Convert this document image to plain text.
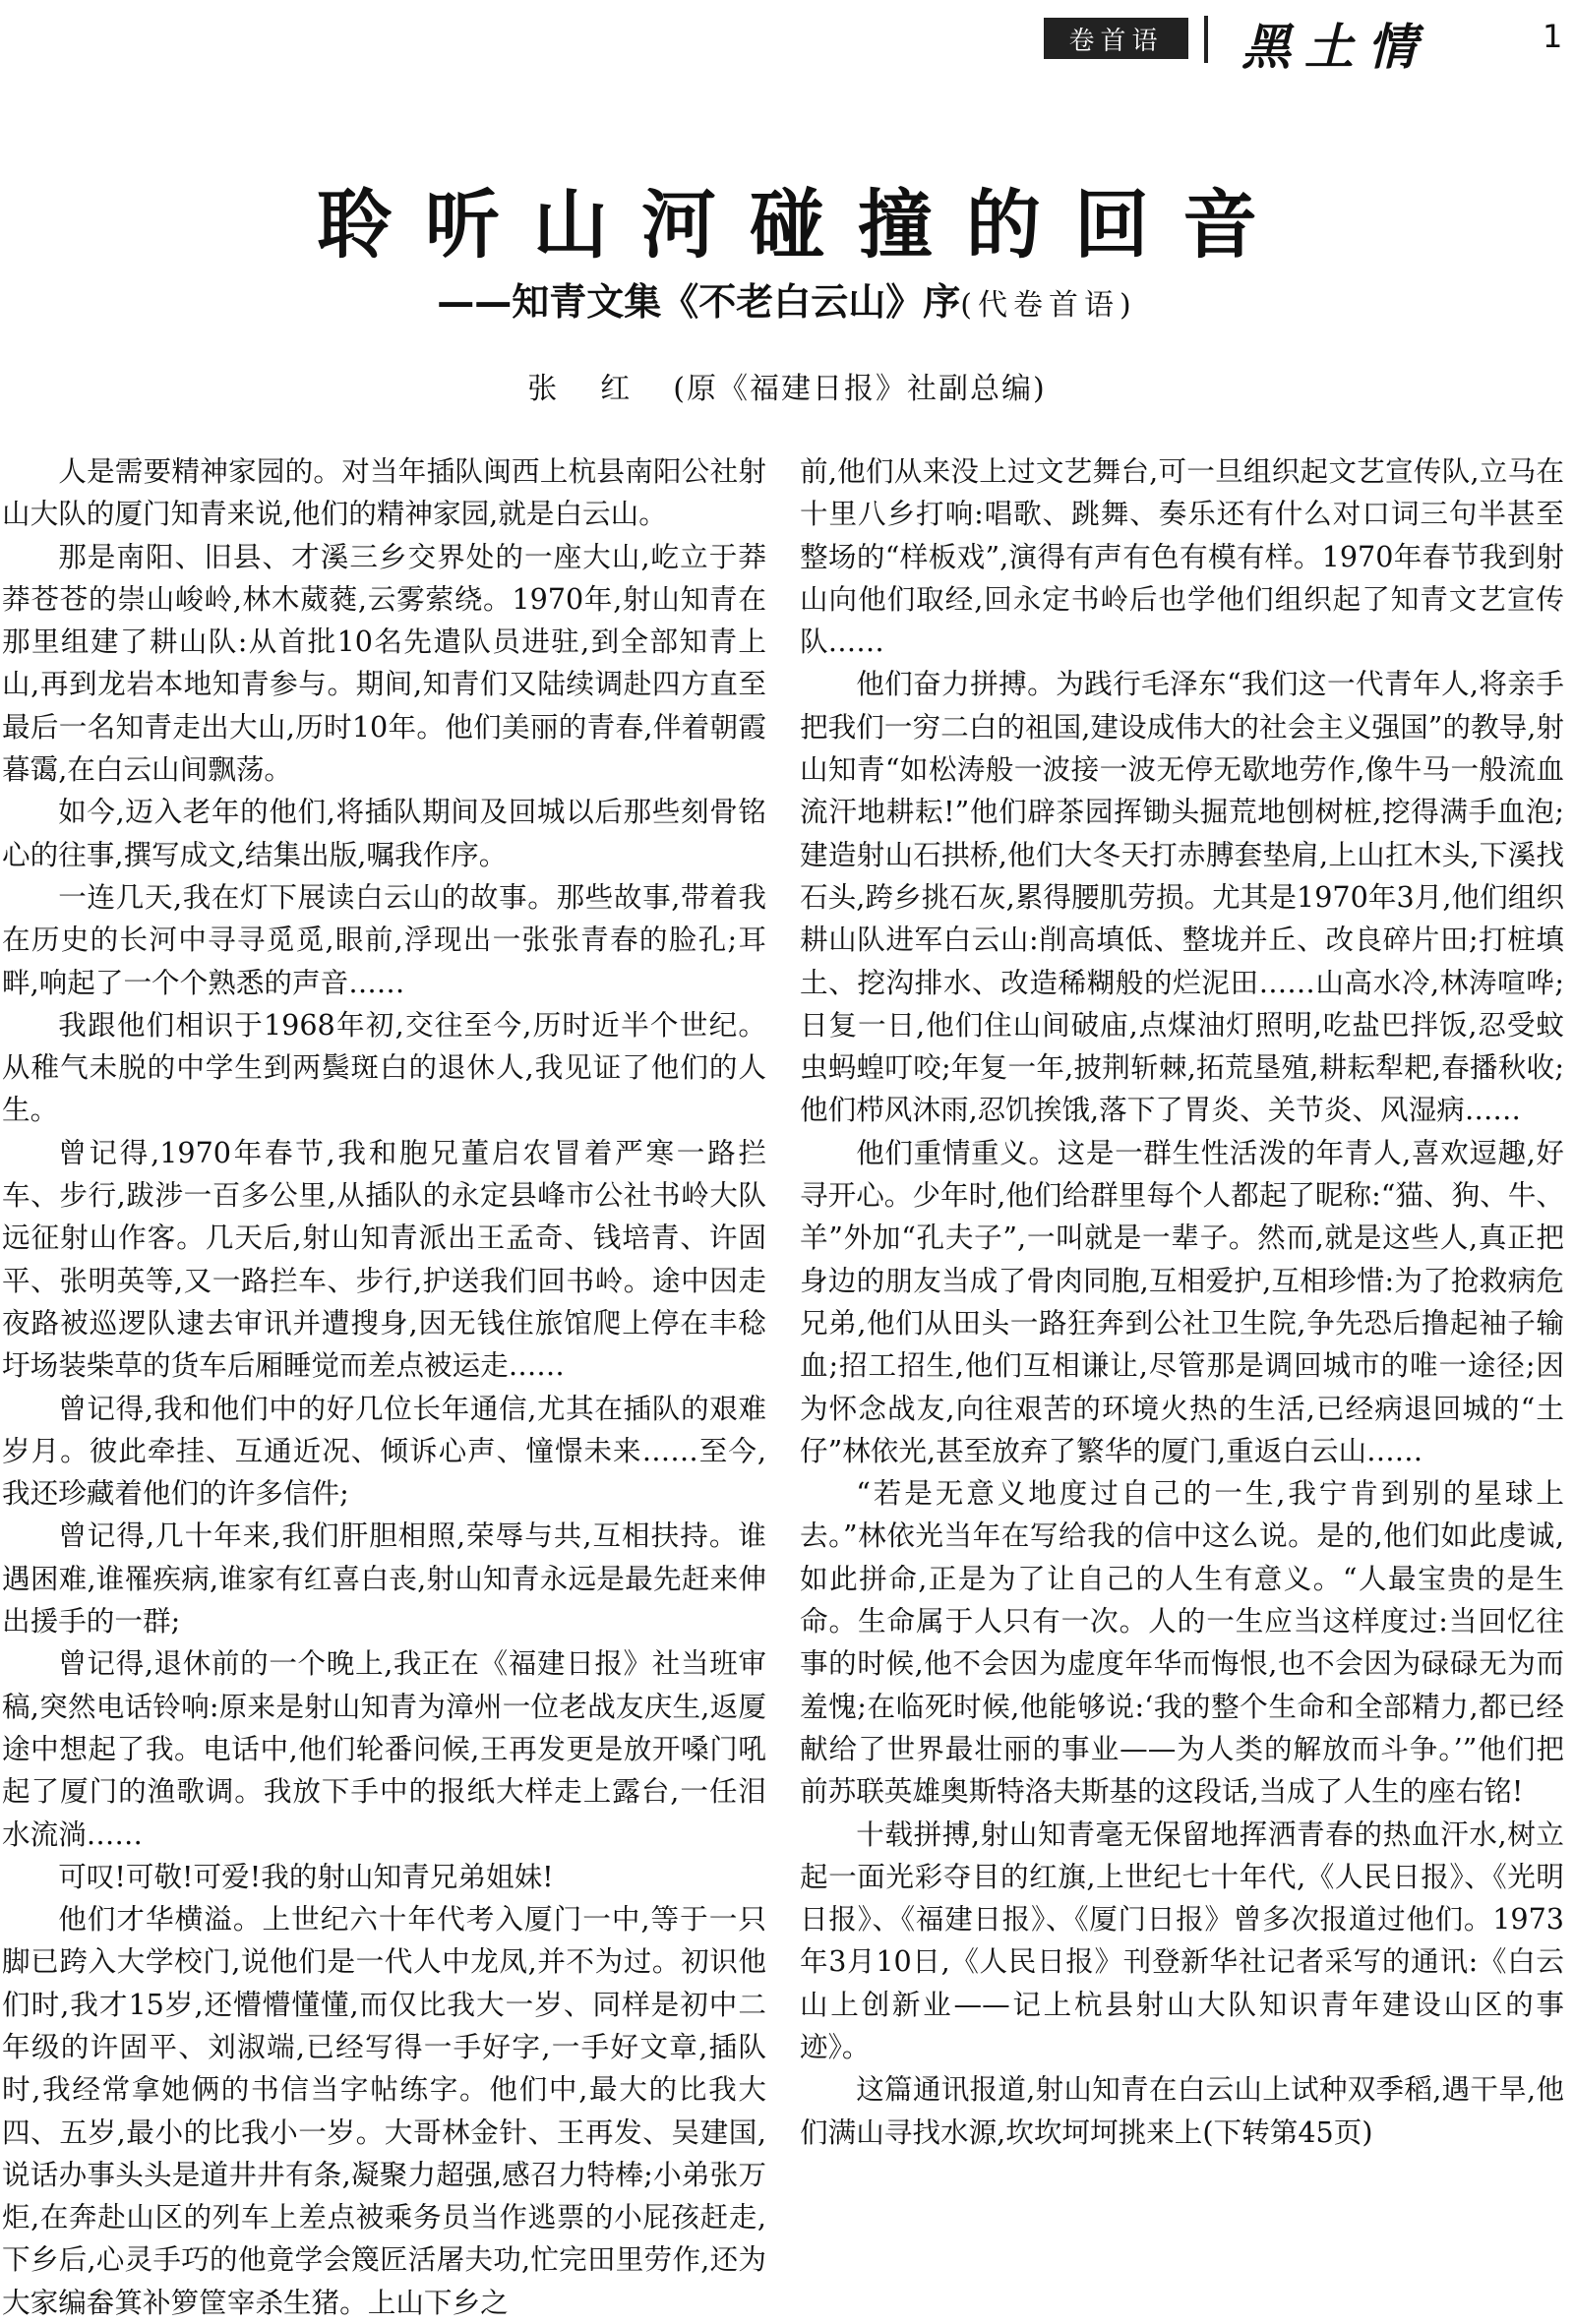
卷首语	黑土情	1
聆听山河碰撞的回音
——知青文集《不老白云山》序(代卷首语)
张红(原《福建日报》社副总编)

人是需要精神家园的。对当年插队闽西上杭县南阳公社射山大队的厦门知青来说,他们的精神家园,就是白云山。

那是南阳、旧县、才溪三乡交界处的一座大山,屹立于莽莽苍苍的崇山峻岭,林木葳蕤,云雾萦绕。1970年,射山知青在那里组建了耕山队:从首批10名先遣队员进驻,到全部知青上山,再到龙岩本地知青参与。期间,知青们又陆续调赴四方直至最后一名知青走出大山,历时10年。他们美丽的青春,伴着朝霞暮霭,在白云山间飘荡。

如今,迈入老年的他们,将插队期间及回城以后那些刻骨铭心的往事,撰写成文,结集出版,嘱我作序。

一连几天,我在灯下展读白云山的故事。那些故事,带着我在历史的长河中寻寻觅觅,眼前,浮现出一张张青春的脸孔;耳畔,响起了一个个熟悉的声音……

我跟他们相识于1968年初,交往至今,历时近半个世纪。从稚气未脱的中学生到两鬓斑白的退休人,我见证了他们的人生。

曾记得,1970年春节,我和胞兄董启农冒着严寒一路拦车、步行,跋涉一百多公里,从插队的永定县峰市公社书岭大队远征射山作客。几天后,射山知青派出王孟奇、钱培青、许固平、张明英等,又一路拦车、步行,护送我们回书岭。途中因走夜路被巡逻队逮去审讯并遭搜身,因无钱住旅馆爬上停在丰稔圩场装柴草的货车后厢睡觉而差点被运走……

曾记得,我和他们中的好几位长年通信,尤其在插队的艰难岁月。彼此牵挂、互通近况、倾诉心声、憧憬未来……至今,我还珍藏着他们的许多信件;

曾记得,几十年来,我们肝胆相照,荣辱与共,互相扶持。谁遇困难,谁罹疾病,谁家有红喜白丧,射山知青永远是最先赶来伸出援手的一群;

曾记得,退休前的一个晚上,我正在《福建日报》社当班审稿,突然电话铃响:原来是射山知青为漳州一位老战友庆生,返厦途中想起了我。电话中,他们轮番问候,王再发更是放开嗓门吼起了厦门的渔歌调。我放下手中的报纸大样走上露台,一任泪水流淌……

可叹!可敬!可爱!我的射山知青兄弟姐妹!

他们才华横溢。上世纪六十年代考入厦门一中,等于一只脚已跨入大学校门,说他们是一代人中龙凤,并不为过。初识他们时,我才15岁,还懵懵懂懂,而仅比我大一岁、同样是初中二年级的许固平、刘淑端,已经写得一手好字,一手好文章,插队时,我经常拿她俩的书信当字帖练字。他们中,最大的比我大四、五岁,最小的比我小一岁。大哥林金针、王再发、吴建国,说话办事头头是道井井有条,凝聚力超强,感召力特棒;小弟张万炬,在奔赴山区的列车上差点被乘务员当作逃票的小屁孩赶走,下乡后,心灵手巧的他竟学会篾匠活屠夫功,忙完田里劳作,还为大家编畚箕补箩筐宰杀生猪。上山下乡之

前,他们从来没上过文艺舞台,可一旦组织起文艺宣传队,立马在十里八乡打响:唱歌、跳舞、奏乐还有什么对口词三句半甚至整场的“样板戏”,演得有声有色有模有样。1970年春节我到射山向他们取经,回永定书岭后也学他们组织起了知青文艺宣传队……

他们奋力拼搏。为践行毛泽东“我们这一代青年人,将亲手把我们一穷二白的祖国,建设成伟大的社会主义强国”的教导,射山知青“如松涛般一波接一波无停无歇地劳作,像牛马一般流血流汗地耕耘!”他们辟茶园挥锄头掘荒地刨树桩,挖得满手血泡;建造射山石拱桥,他们大冬天打赤膊套垫肩,上山扛木头,下溪找石头,跨乡挑石灰,累得腰肌劳损。尤其是1970年3月,他们组织耕山队进军白云山:削高填低、整垅并丘、改良碎片田;打桩填土、挖沟排水、改造稀糊般的烂泥田……山高水冷,林涛喧哗;日复一日,他们住山间破庙,点煤油灯照明,吃盐巴拌饭,忍受蚊虫蚂蝗叮咬;年复一年,披荆斩棘,拓荒垦殖,耕耘犁耙,春播秋收;他们栉风沐雨,忍饥挨饿,落下了胃炎、关节炎、风湿病……

他们重情重义。这是一群生性活泼的年青人,喜欢逗趣,好寻开心。少年时,他们给群里每个人都起了昵称:“猫、狗、牛、羊”外加“孔夫子”,一叫就是一辈子。然而,就是这些人,真正把身边的朋友当成了骨肉同胞,互相爱护,互相珍惜:为了抢救病危兄弟,他们从田头一路狂奔到公社卫生院,争先恐后撸起袖子输血;招工招生,他们互相谦让,尽管那是调回城市的唯一途径;因为怀念战友,向往艰苦的环境火热的生活,已经病退回城的“土仔”林依光,甚至放弃了繁华的厦门,重返白云山……

“若是无意义地度过自己的一生,我宁肯到别的星球上去。”林依光当年在写给我的信中这么说。是的,他们如此虔诚,如此拼命,正是为了让自己的人生有意义。“人最宝贵的是生命。生命属于人只有一次。人的一生应当这样度过:当回忆往事的时候,他不会因为虚度年华而悔恨,也不会因为碌碌无为而羞愧;在临死时候,他能够说:‘我的整个生命和全部精力,都已经献给了世界最壮丽的事业——为人类的解放而斗争。’”他们把前苏联英雄奥斯特洛夫斯基的这段话,当成了人生的座右铭!

十载拼搏,射山知青毫无保留地挥洒青春的热血汗水,树立起一面光彩夺目的红旗,上世纪七十年代,《人民日报》、《光明日报》、《福建日报》、《厦门日报》曾多次报道过他们。1973年3月10日,《人民日报》刊登新华社记者采写的通讯:《白云山上创新业——记上杭县射山大队知识青年建设山区的事迹》。

这篇通讯报道,射山知青在白云山上试种双季稻,遇干旱,他们满山寻找水源,坎坎坷坷挑来上(下转第45页)
